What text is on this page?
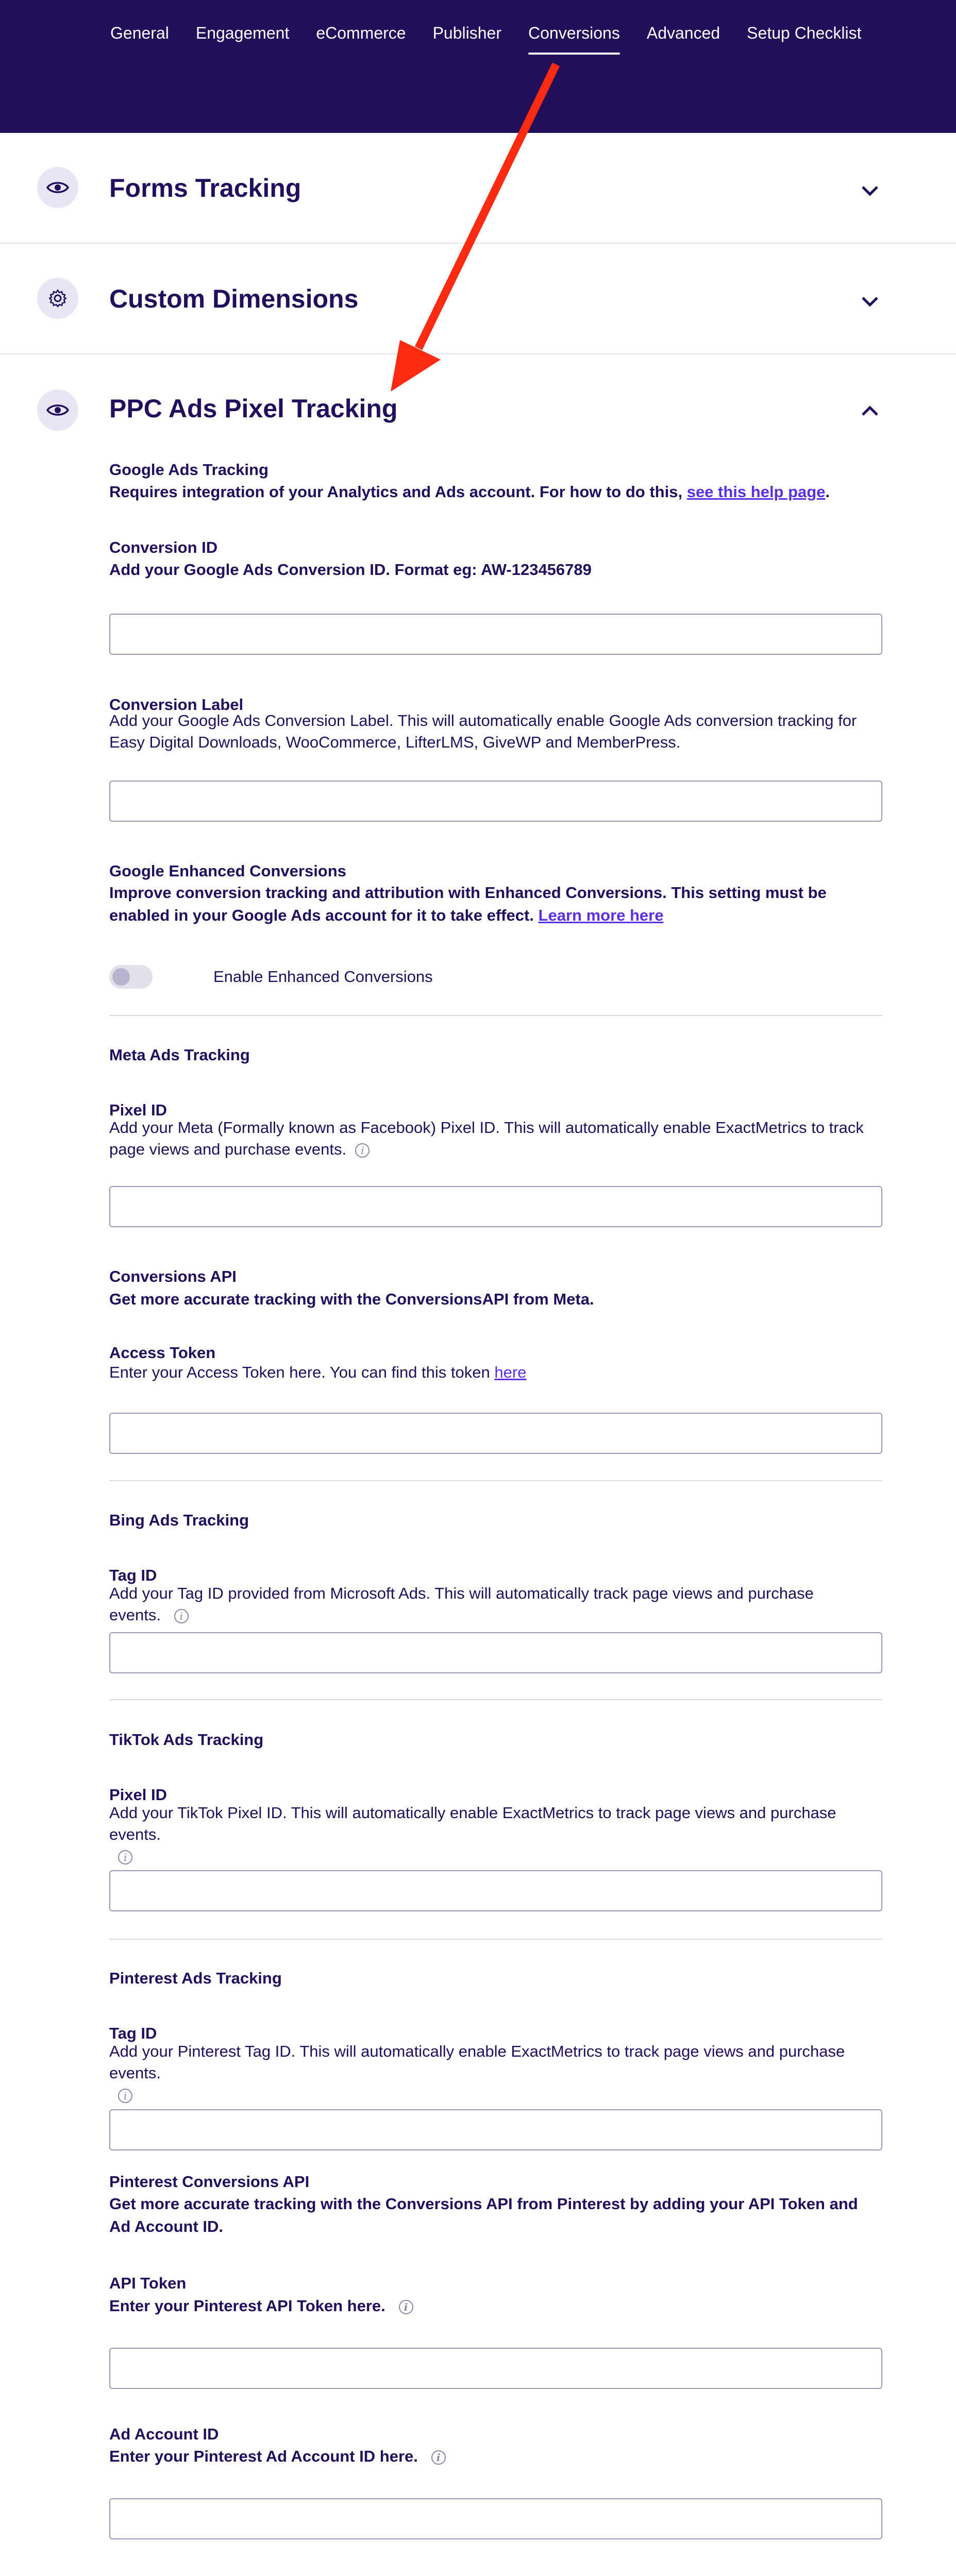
General Engagement eCommerce Publisher Conversions Advanced Setup Checklist
Forms Tracking
Custom Dimensions
PPC Ads Pixel Tracking
Google Ads Tracking
Requires integration of your Analytics and Ads account. For how to do this, see this help page.
Conversion ID
Add your Google Ads Conversion ID. Format eg: AW-123456789
Conversion Label
Add your Google Ads Conversion Label. This will automatically enable Google Ads conversion tracking for Easy Digital Downloads, WooCommerce, LifterLMS, GiveWP and MemberPress.
Google Enhanced Conversions
Improve conversion tracking and attribution with Enhanced Conversions. This setting must be enabled in your Google Ads account for it to take effect. Learn more here
Enable Enhanced Conversions
Meta Ads Tracking
Pixel ID
Add your Meta (Formally known as Facebook) Pixel ID. This will automatically enable ExactMetrics to track page views and purchase events. i
Conversions API
Get more accurate tracking with the ConversionsAPI from Meta.
Access Token
Enter your Access Token here. You can find this token here
Bing Ads Tracking
Tag ID
Add your Tag ID provided from Microsoft Ads. This will automatically track page views and purchase events. i
TikTok Ads Tracking
Pixel ID
Add your TikTok Pixel ID. This will automatically enable ExactMetrics to track page views and purchase events.
i
Pinterest Ads Tracking
Tag ID
Add your Pinterest Tag ID. This will automatically enable ExactMetrics to track page views and purchase events.
i
Pinterest Conversions API
Get more accurate tracking with the Conversions API from Pinterest by adding your API Token and Ad Account ID.
API Token
Enter your Pinterest API Token here. i
Ad Account ID
Enter your Pinterest Ad Account ID here. i
